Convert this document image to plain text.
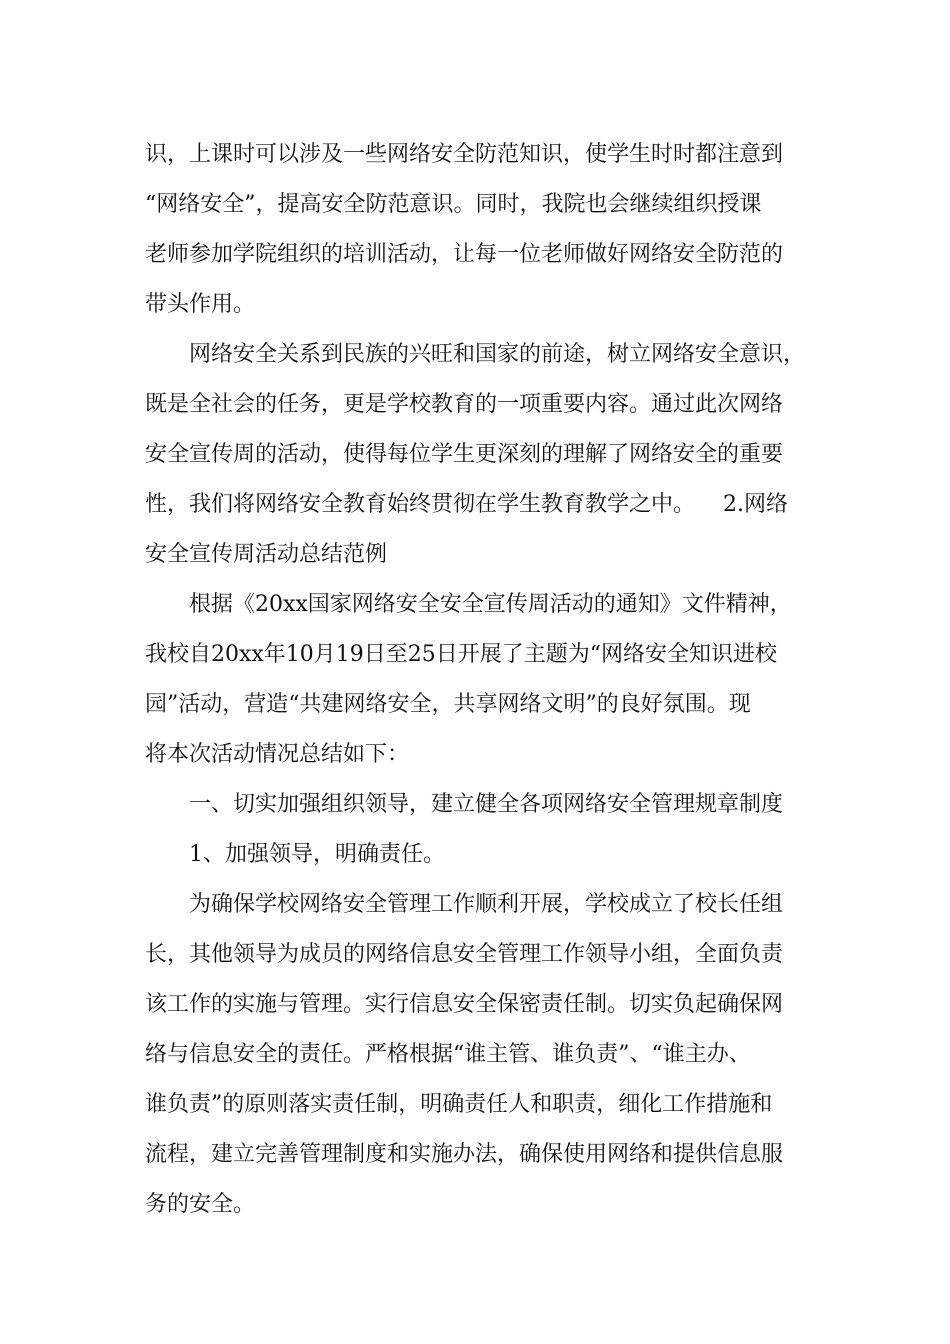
识，上课时可以涉及一些网络安全防范知识，使学生时时都注意到
“网络安全”，提高安全防范意识。同时，我院也会继续组织授课
老师参加学院组织的培训活动，让每一位老师做好网络安全防范的
带头作用。
网络安全关系到民族的兴旺和国家的前途，树立网络安全意识，
既是全社会的任务，更是学校教育的一项重要内容。通过此次网络
安全宣传周的活动，使得每位学生更深刻的理解了网络安全的重要
性，我们将网络安全教育始终贯彻在学生教育教学之中。    2.网络
安全宣传周活动总结范例
根据《20xx国家网络安全安全宣传周活动的通知》文件精神，
我校自20xx年10月19日至25日开展了主题为“网络安全知识进校
园”活动，营造“共建网络安全，共享网络文明”的良好氛围。现
将本次活动情况总结如下：
一、切实加强组织领导，建立健全各项网络安全管理规章制度
1、加强领导，明确责任。
为确保学校网络安全管理工作顺利开展，学校成立了校长任组
长，其他领导为成员的网络信息安全管理工作领导小组，全面负责
该工作的实施与管理。实行信息安全保密责任制。切实负起确保网
络与信息安全的责任。严格根据“谁主管、谁负责”、“谁主办、
谁负责”的原则落实责任制，明确责任人和职责，细化工作措施和
流程，建立完善管理制度和实施办法，确保使用网络和提供信息服
务的安全。
